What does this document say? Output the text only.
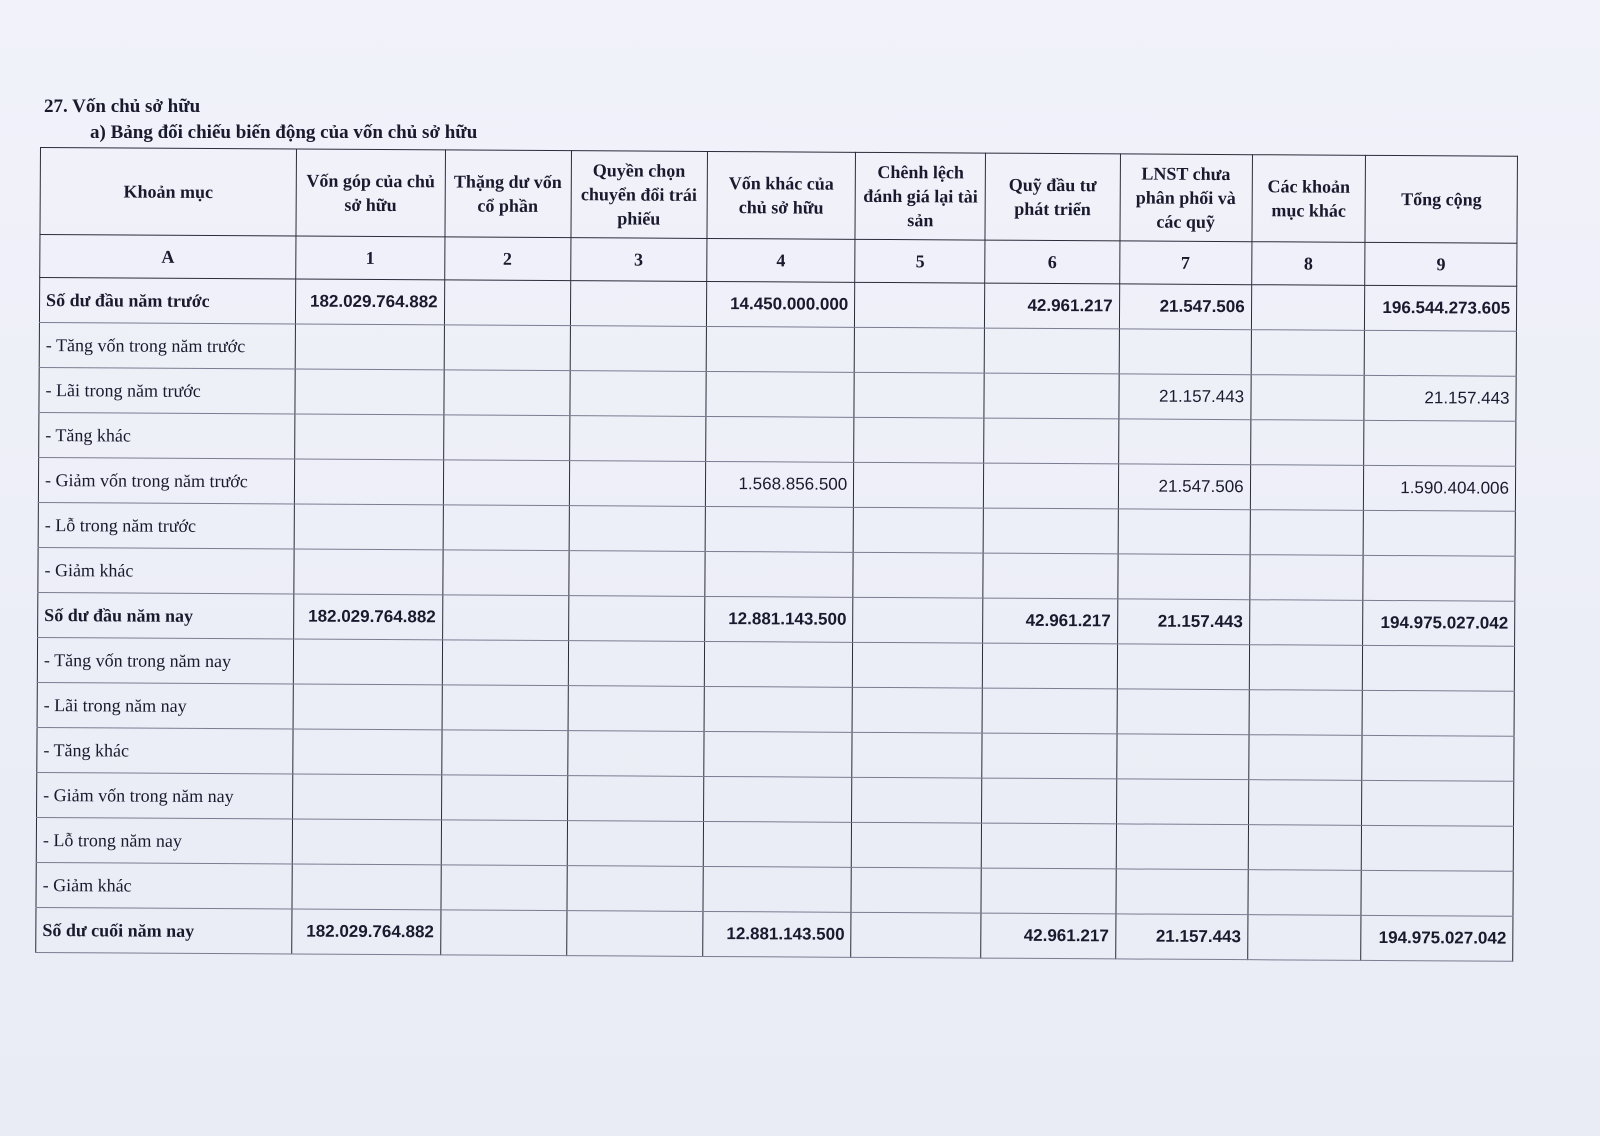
27. Vốn chủ sở hữu
a) Bảng đối chiếu biến động của vốn chủ sở hữu
Khoản mục	Vốn góp của chủ sở hữu	Thặng dư vốn cổ phần	Quyền chọn chuyển đổi trái phiếu	Vốn khác của chủ sở hữu	Chênh lệch đánh giá lại tài sản	Quỹ đầu tư phát triển	LNST chưa phân phối và các quỹ	Các khoản mục khác	Tổng cộng
A	1	2	3	4	5	6	7	8	9
Số dư đầu năm trước	182.029.764.882			14.450.000.000		42.961.217	21.547.506		196.544.273.605
- Tăng vốn trong năm trước									
- Lãi trong năm trước							21.157.443		21.157.443
- Tăng khác									
- Giảm vốn trong năm trước				1.568.856.500			21.547.506		1.590.404.006
- Lỗ trong năm trước									
- Giảm khác									
Số dư đầu năm nay	182.029.764.882			12.881.143.500		42.961.217	21.157.443		194.975.027.042
- Tăng vốn trong năm nay									
- Lãi trong năm nay									
- Tăng khác									
- Giảm vốn trong năm nay									
- Lỗ trong năm nay									
- Giảm khác									
Số dư cuối năm nay	182.029.764.882			12.881.143.500		42.961.217	21.157.443		194.975.027.042
